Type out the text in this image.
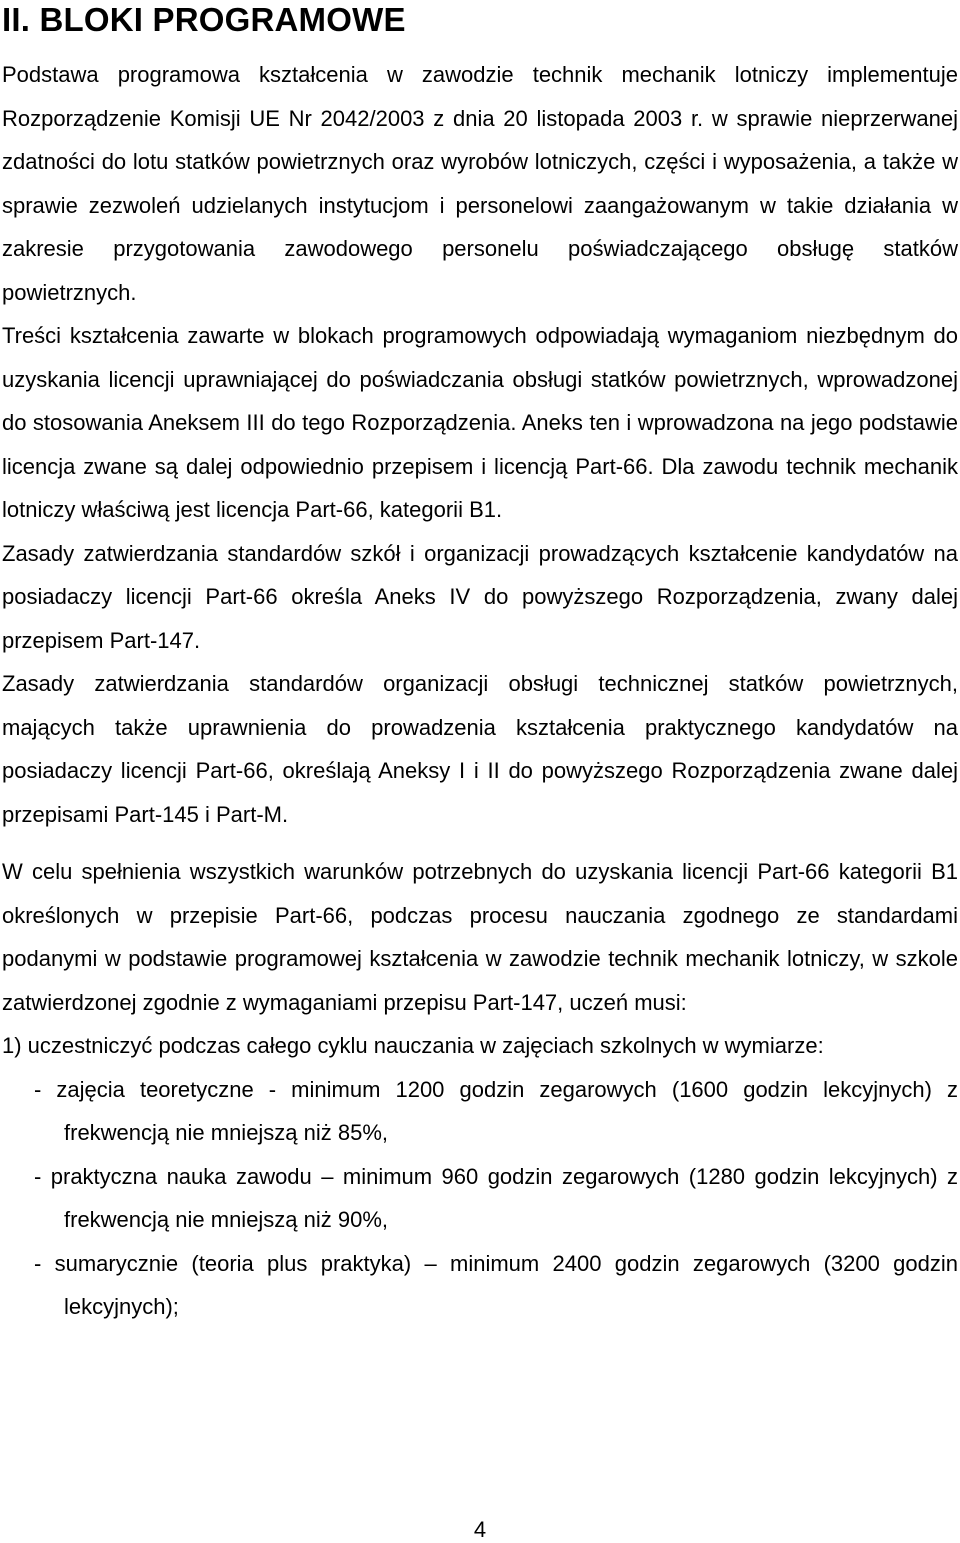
II. BLOKI PROGRAMOWE

Podstawa programowa kształcenia w zawodzie technik mechanik lotniczy implementuje Rozporządzenie Komisji UE Nr 2042/2003 z dnia 20 listopada 2003 r. w sprawie nieprzerwanej zdatności do lotu statków powietrznych oraz wyrobów lotniczych, części i wyposażenia, a także w sprawie zezwoleń udzielanych instytucjom i personelowi zaangażowanym w takie działania w zakresie przygotowania zawodowego personelu poświadczającego obsługę statków powietrznych.

Treści kształcenia zawarte w blokach programowych odpowiadają wymaganiom niezbędnym do uzyskania licencji uprawniającej do poświadczania obsługi statków powietrznych, wprowadzonej do stosowania Aneksem III do tego Rozporządzenia. Aneks ten i wprowadzona na jego podstawie licencja zwane są dalej odpowiednio przepisem i licencją Part-66. Dla zawodu technik mechanik lotniczy właściwą jest licencja Part-66, kategorii B1.

Zasady zatwierdzania standardów szkół i organizacji prowadzących kształcenie kandydatów na posiadaczy licencji Part-66 określa Aneks IV do powyższego Rozporządzenia, zwany dalej przepisem Part-147.

Zasady zatwierdzania standardów organizacji obsługi technicznej statków powietrznych, mających także uprawnienia do prowadzenia kształcenia praktycznego kandydatów na posiadaczy licencji Part-66, określają Aneksy I i II do powyższego Rozporządzenia zwane dalej przepisami Part-145 i Part-M.

W celu spełnienia wszystkich warunków potrzebnych do uzyskania licencji Part-66 kategorii B1 określonych w przepisie Part-66, podczas procesu nauczania zgodnego ze standardami podanymi w podstawie programowej kształcenia w zawodzie technik mechanik lotniczy, w szkole zatwierdzonej zgodnie z wymaganiami przepisu Part-147, uczeń musi:

1) uczestniczyć podczas całego cyklu nauczania w zajęciach szkolnych w wymiarze:
- zajęcia teoretyczne - minimum 1200 godzin zegarowych (1600 godzin lekcyjnych) z frekwencją nie mniejszą niż 85%,
- praktyczna nauka zawodu – minimum 960 godzin zegarowych (1280 godzin lekcyjnych) z frekwencją nie mniejszą niż 90%,
- sumarycznie (teoria plus praktyka) – minimum 2400 godzin zegarowych (3200 godzin lekcyjnych);
4
